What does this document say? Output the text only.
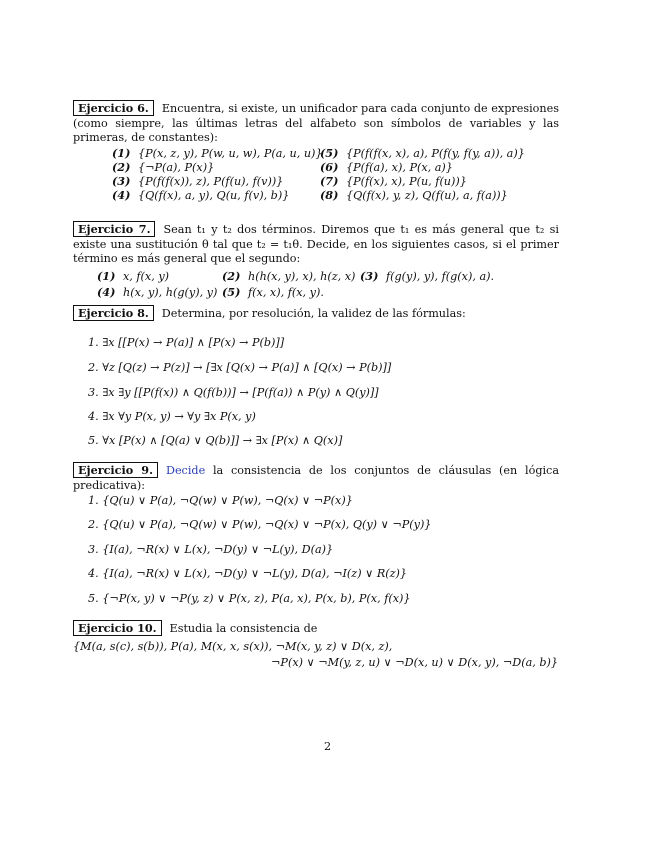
Ejercicio 6. Encuentra, si existe, un unificador para cada conjunto de expresiones (como siempre, las últimas letras del alfabeto son símbolos de variables y las primeras, de constantes):
(1) {P(x, z, y), P(w, u, w), P(a, u, u)}
(2) {¬P(a), P(x)}
(3) {P(f(f(x)), z), P(f(u), f(v))}
(4) {Q(f(x), a, y), Q(u, f(v), b)}
(5) {P(f(f(x, x), a), P(f(y, f(y, a)), a)}
(6) {P(f(a), x), P(x, a)}
(7) {P(f(x), x), P(u, f(u))}
(8) {Q(f(x), y, z), Q(f(u), a, f(a))}
Ejercicio 7. Sean t₁ y t₂ dos términos. Diremos que t₁ es más general que t₂ si existe una sustitución θ tal que t₂ = t₁θ. Decide, en los siguientes casos, si el primer término es más general que el segundo:
(1) x, f(x, y)	(2) h(h(x, y), x), h(z, x) (3) f(g(y), y), f(g(x), a).
(4) h(x, y), h(g(y), y) (5) f(x, x), f(x, y).
Ejercicio 8. Determina, por resolución, la validez de las fórmulas:
1. ∃x [[P(x) → P(a)] ∧ [P(x) → P(b)]]
2. ∀z [Q(z) → P(z)] → [∃x [Q(x) → P(a)] ∧ [Q(x) → P(b)]]
3. ∃x ∃y [[P(f(x)) ∧ Q(f(b))] → [P(f(a)) ∧ P(y) ∧ Q(y)]]
4. ∃x ∀y P(x, y) → ∀y ∃x P(x, y)
5. ∀x [P(x) ∧ [Q(a) ∨ Q(b)]] → ∃x [P(x) ∧ Q(x)]
Ejercicio 9. Decide la consistencia de los conjuntos de cláusulas (en lógica predicativa):
1. {Q(u) ∨ P(a), ¬Q(w) ∨ P(w), ¬Q(x) ∨ ¬P(x)}
2. {Q(u) ∨ P(a), ¬Q(w) ∨ P(w), ¬Q(x) ∨ ¬P(x), Q(y) ∨ ¬P(y)}
3. {I(a), ¬R(x) ∨ L(x), ¬D(y) ∨ ¬L(y), D(a)}
4. {I(a), ¬R(x) ∨ L(x), ¬D(y) ∨ ¬L(y), D(a), ¬I(z) ∨ R(z)}
5. {¬P(x, y) ∨ ¬P(y, z) ∨ P(x, z), P(a, x), P(x, b), P(x, f(x)}
Ejercicio 10. Estudia la consistencia de
{M(a, s(c), s(b)), P(a), M(x, x, s(x)), ¬M(x, y, z) ∨ D(x, z),
¬P(x) ∨ ¬M(y, z, u) ∨ ¬D(x, u) ∨ D(x, y), ¬D(a, b)}
2
